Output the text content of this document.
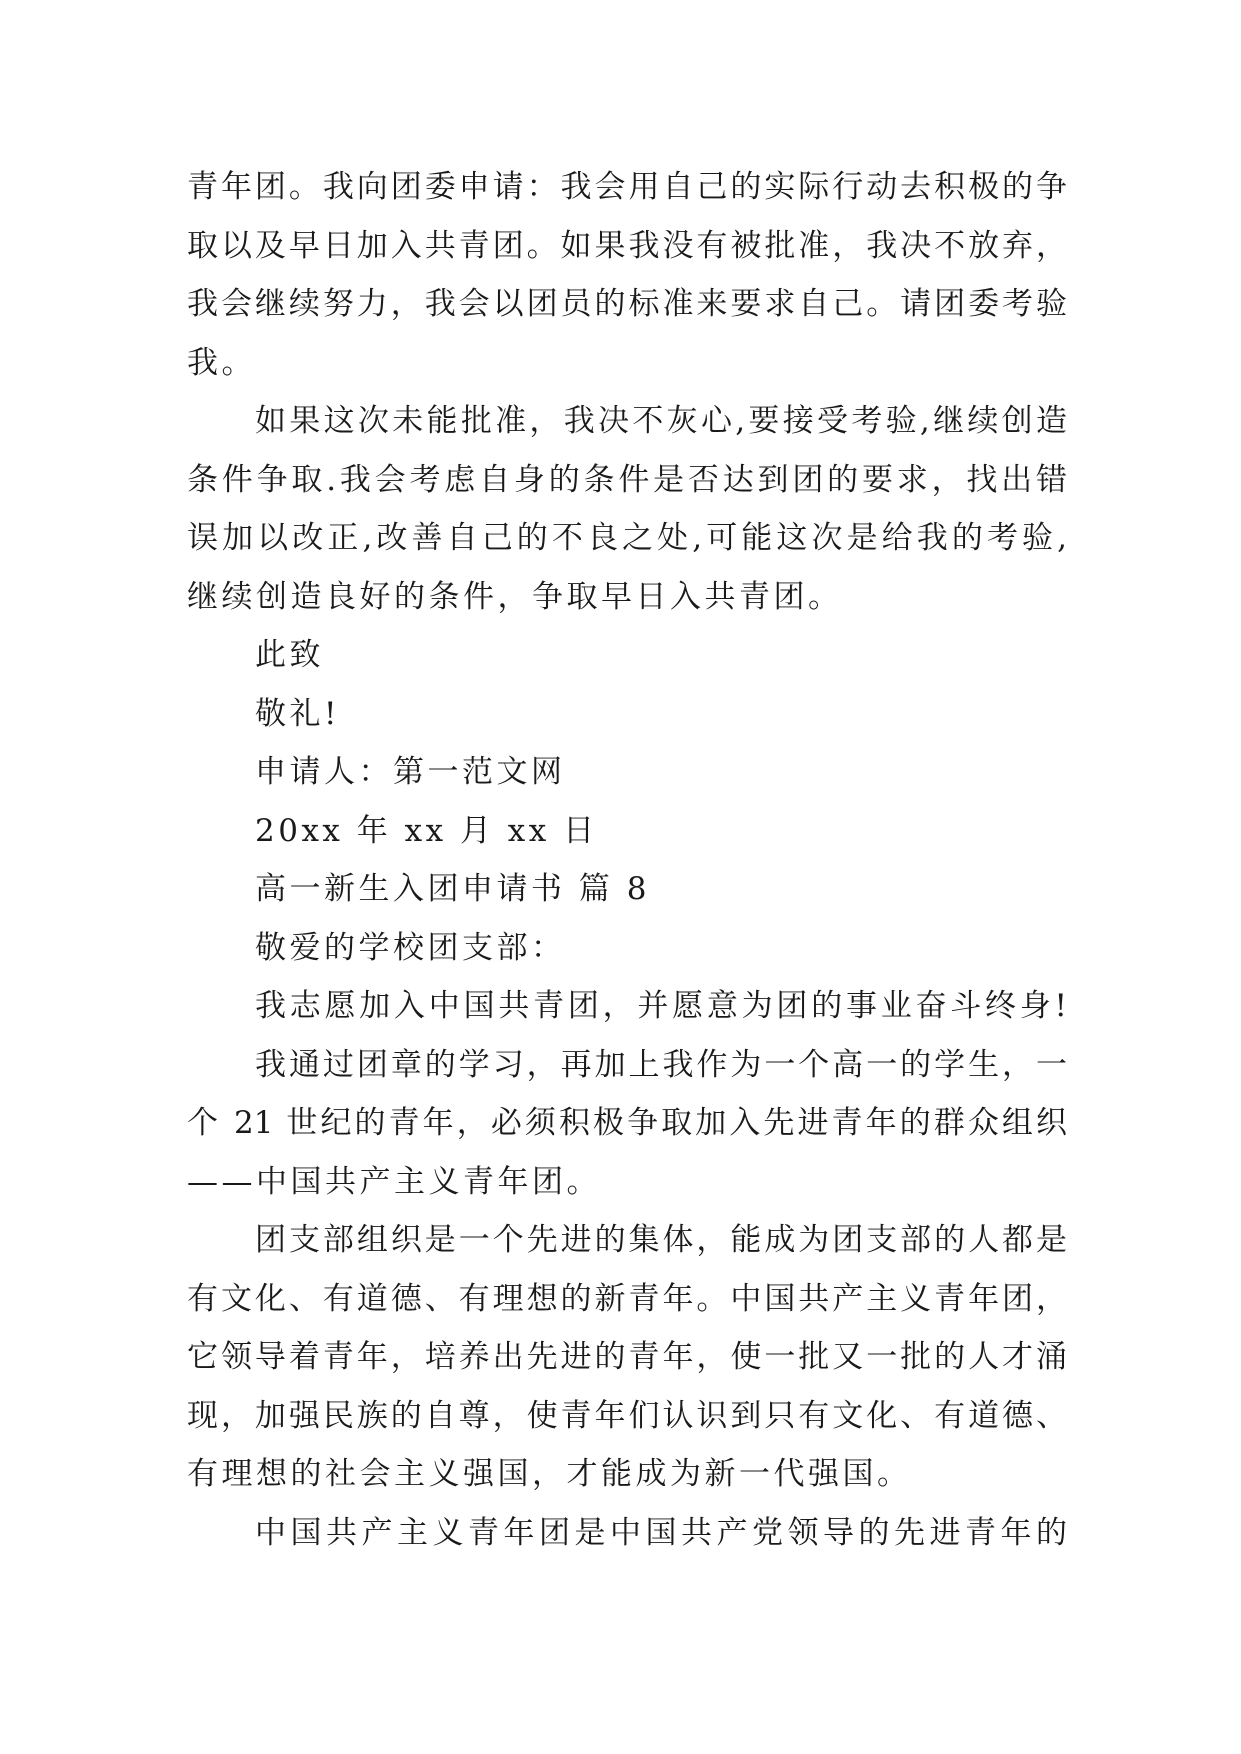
青年团。我向团委申请：我会用自己的实际行动去积极的争
取以及早日加入共青团。如果我没有被批准，我决不放弃，
我会继续努力，我会以团员的标准来要求自己。请团委考验
我。
如果这次未能批准，我决不灰心,要接受考验,继续创造
条件争取.我会考虑自身的条件是否达到团的要求，找出错
误加以改正,改善自己的不良之处,可能这次是给我的考验,
继续创造良好的条件，争取早日入共青团。
此致
敬礼!
申请人：第一范文网
20xx 年 xx 月 xx 日
高一新生入团申请书 篇 8
敬爱的学校团支部：
我志愿加入中国共青团，并愿意为团的事业奋斗终身!
我通过团章的学习，再加上我作为一个高一的学生，一
个 21 世纪的青年，必须积极争取加入先进青年的群众组织
——中国共产主义青年团。
团支部组织是一个先进的集体，能成为团支部的人都是
有文化、有道德、有理想的新青年。中国共产主义青年团，
它领导着青年，培养出先进的青年，使一批又一批的人才涌
现，加强民族的自尊，使青年们认识到只有文化、有道德、
有理想的社会主义强国，才能成为新一代强国。
中国共产主义青年团是中国共产党领导的先进青年的
